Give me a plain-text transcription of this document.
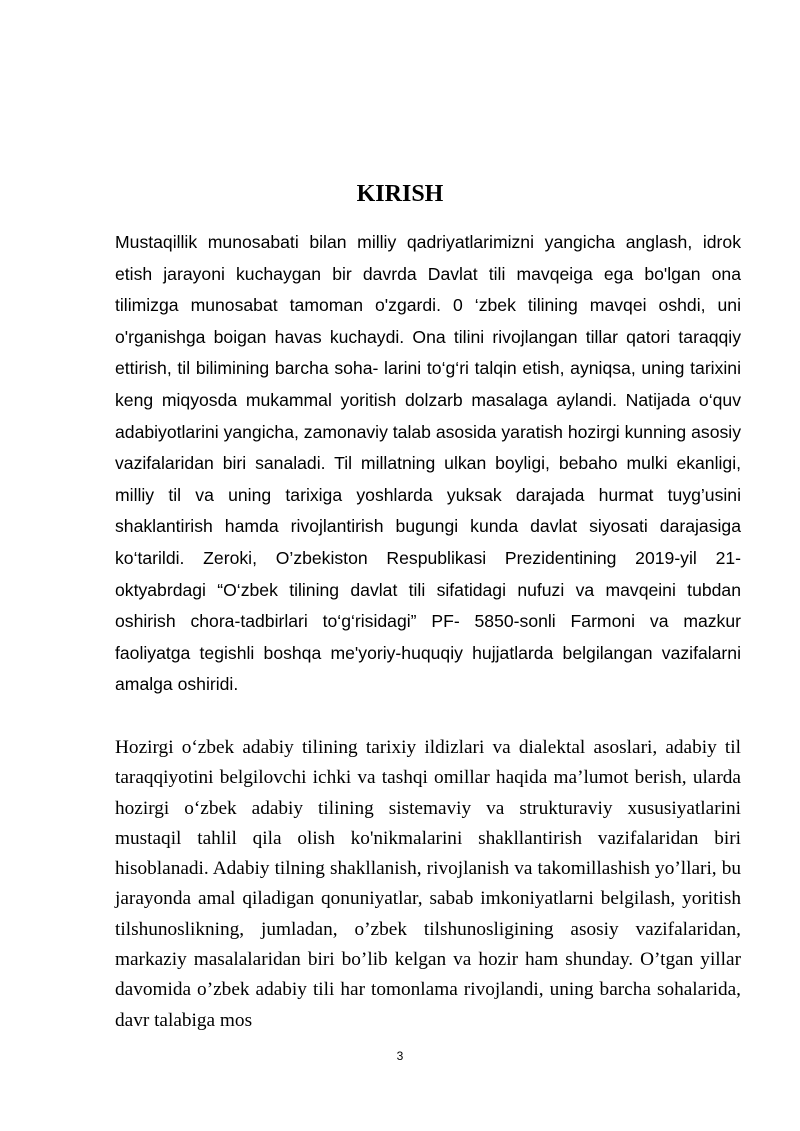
KIRISH

Mustaqillik munosabati bilan milliy qadriyatlarimizni yangicha anglash, idrok etish jarayoni kuchaygan bir davrda Davlat tili mavqeiga ega bo'lgan ona tilimizga munosabat tamoman o'zgardi. 0 ‘zbek tilining mavqei oshdi, uni o'rganishga boigan havas kuchaydi. Ona tilini rivojlangan tillar qatori taraqqiy ettirish, til bilimining barcha soha- larini to‘g‘ri talqin etish, ayniqsa, uning tarixini keng miqyosda mukammal yoritish dolzarb masalaga aylandi. Natijada o‘quv adabiyotlarini yangicha, zamonaviy talab asosida yaratish hozirgi kunning asosiy vazifalaridan biri sanaladi. Til millatning ulkan boyligi, bebaho mulki ekanligi, milliy til va uning tarixiga yoshlarda yuksak darajada hurmat tuyg’usini shaklantirish hamda rivojlantirish bugungi kunda davlat siyosati darajasiga ko‘tarildi. Zeroki, O’zbekiston Respublikasi Prezidentining 2019-yil 21-oktyabrdagi “O‘zbek tilining davlat tili sifatidagi nufuzi va mavqeini tubdan oshirish chora-tadbirlari to‘g‘risidagi” PF- 5850-sonli Farmoni va mazkur faoliyatga tegishli boshqa me'yoriy-huquqiy hujjatlarda belgilangan vazifalarni amalga oshiridi.

Hozirgi o‘zbek adabiy tilining tarixiy ildizlari va dialektal asoslari, adabiy til taraqqiyotini belgilovchi ichki va tashqi omillar haqida ma’lumot berish, ularda hozirgi o‘zbek adabiy tilining sistemaviy va strukturaviy xususiyatlarini mustaqil tahlil qila olish ko'nikmalarini shakllantirish vazifalaridan biri hisoblanadi. Adabiy tilning shakllanish, rivojlanish va takomillashish yo’llari, bu jarayonda amal qiladigan qonuniyatlar, sabab imkoniyatlarni belgilash, yoritish tilshunoslikning, jumladan, o’zbek tilshunosligining asosiy vazifalaridan, markaziy masalalaridan biri bo’lib kelgan va hozir ham shunday. O’tgan yillar davomida o’zbek adabiy tili har tomonlama rivojlandi, uning barcha sohalarida, davr talabiga mos

3
